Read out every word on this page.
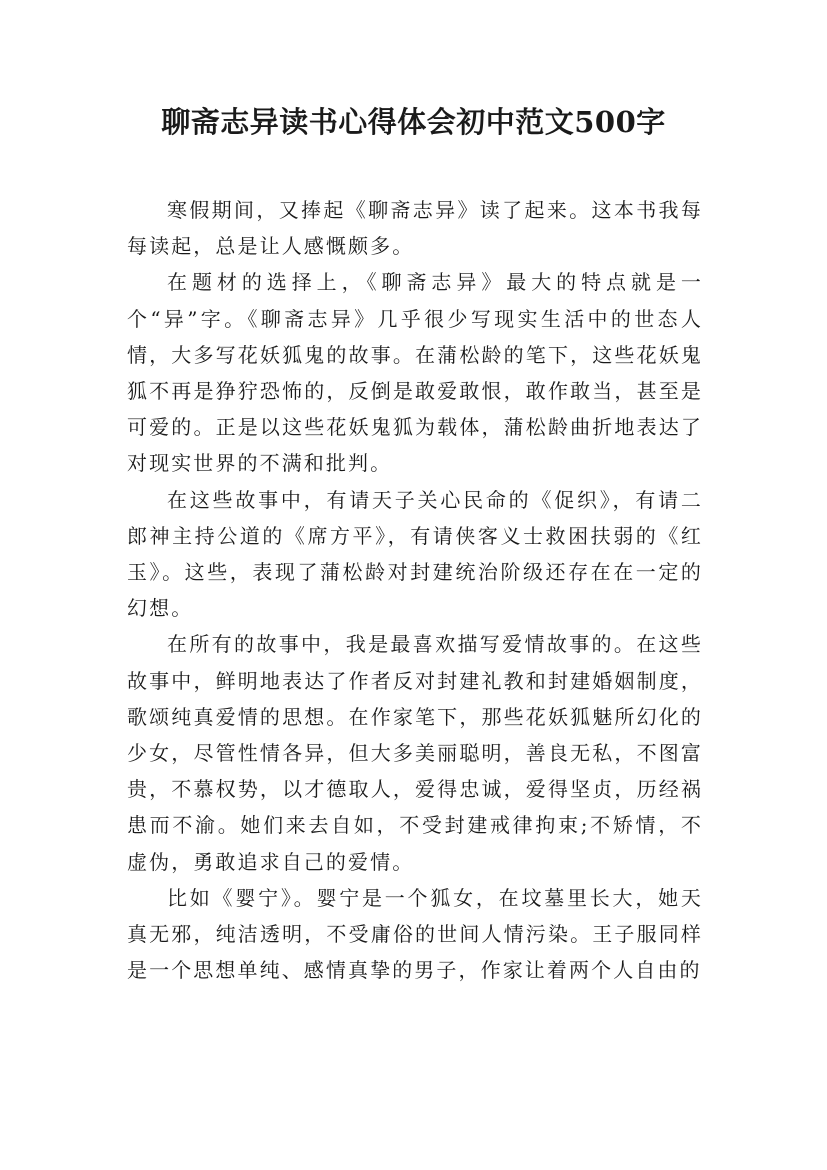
聊斋志异读书心得体会初中范文500字

寒假期间，又捧起《聊斋志异》读了起来。这本书我每每读起，总是让人感慨颇多。

在题材的选择上，《聊斋志异》最大的特点就是一个“异”字。《聊斋志异》几乎很少写现实生活中的世态人情，大多写花妖狐鬼的故事。在蒲松龄的笔下，这些花妖鬼狐不再是狰狞恐怖的，反倒是敢爱敢恨，敢作敢当，甚至是可爱的。正是以这些花妖鬼狐为载体，蒲松龄曲折地表达了对现实世界的不满和批判。

在这些故事中，有请天子关心民命的《促织》，有请二郎神主持公道的《席方平》，有请侠客义士救困扶弱的《红玉》。这些，表现了蒲松龄对封建统治阶级还存在在一定的幻想。

在所有的故事中，我是最喜欢描写爱情故事的。在这些故事中，鲜明地表达了作者反对封建礼教和封建婚姻制度，歌颂纯真爱情的思想。在作家笔下，那些花妖狐魅所幻化的少女，尽管性情各异，但大多美丽聪明，善良无私，不图富贵，不慕权势，以才德取人，爱得忠诚，爱得坚贞，历经祸患而不渝。她们来去自如，不受封建戒律拘束;不矫情，不虚伪，勇敢追求自己的爱情。

比如《婴宁》。婴宁是一个狐女，在坟墓里长大，她天真无邪，纯洁透明，不受庸俗的世间人情污染。王子服同样是一个思想单纯、感情真挚的男子，作家让着两个人自由的
